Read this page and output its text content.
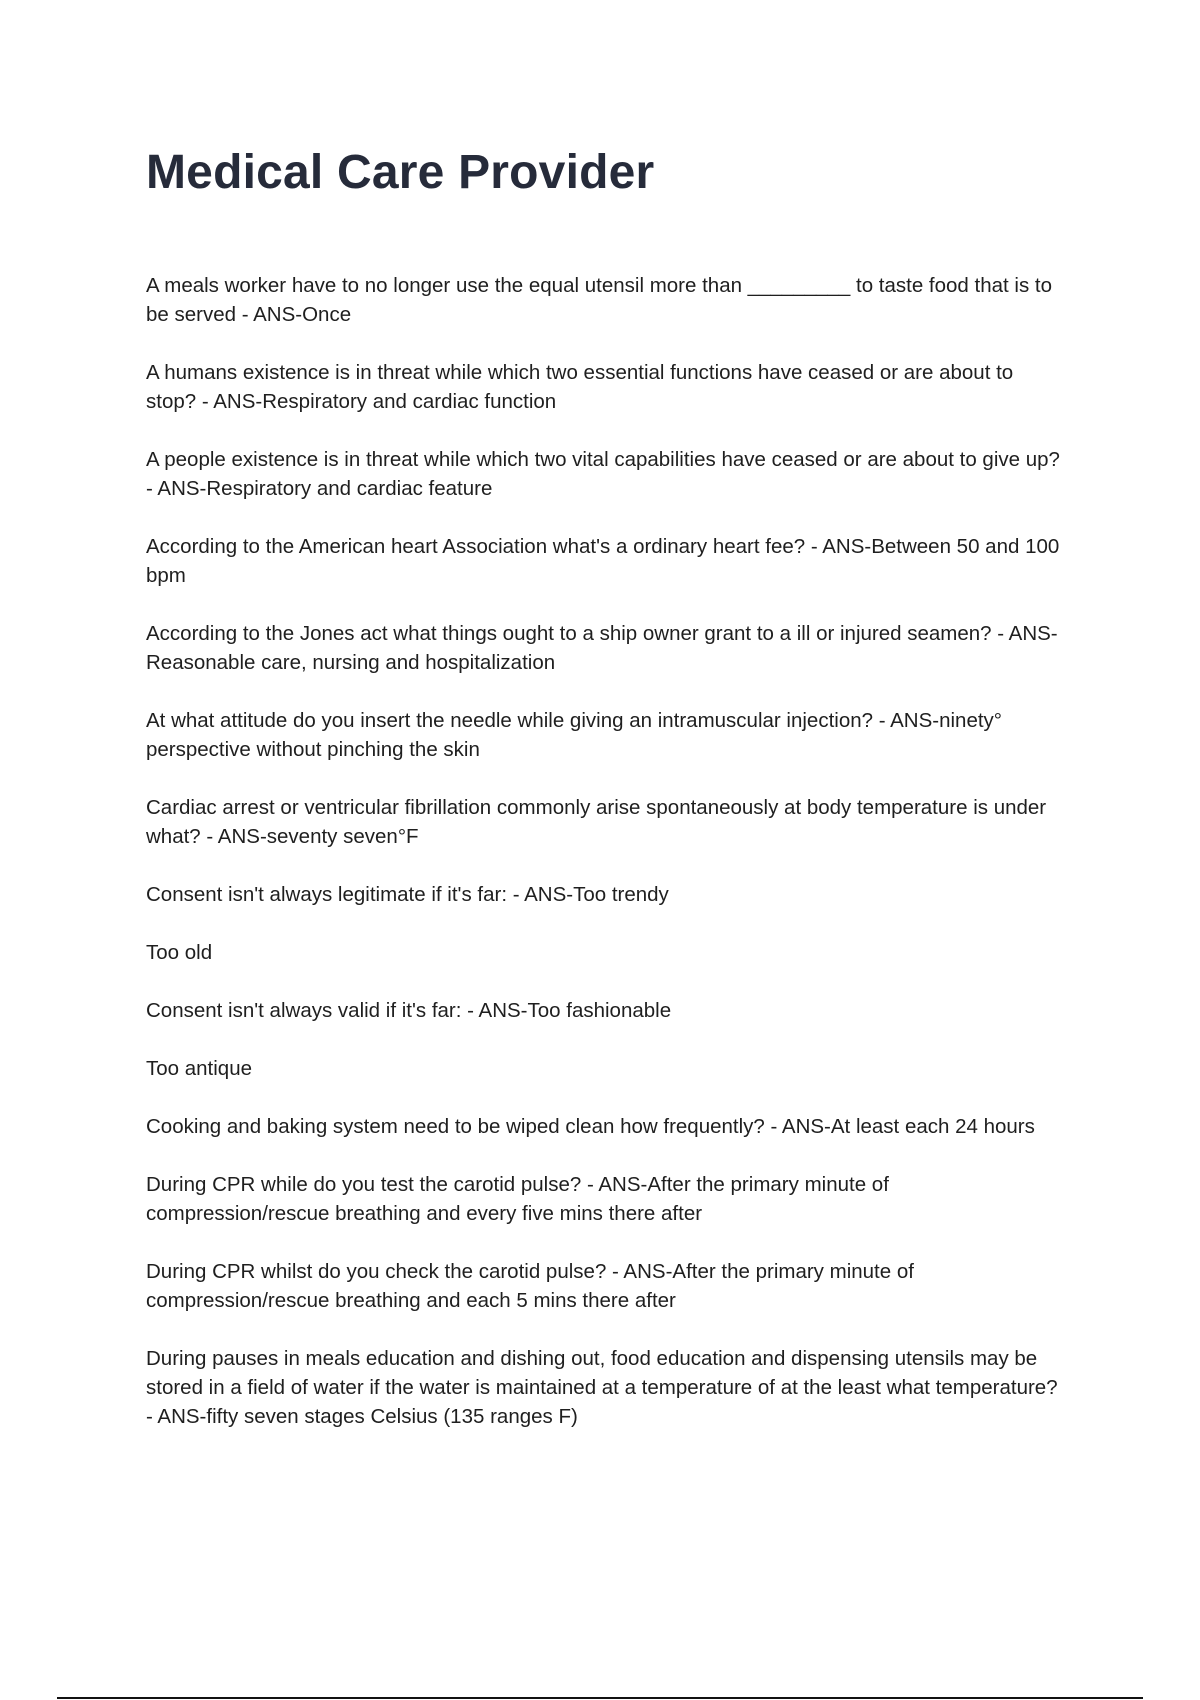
Medical Care Provider

A meals worker have to no longer use the equal utensil more than _________ to taste food that is to be served - ANS-Once

A humans existence is in threat while which two essential functions have ceased or are about to stop? - ANS-Respiratory and cardiac function

A people existence is in threat while which two vital capabilities have ceased or are about to give up? - ANS-Respiratory and cardiac feature

According to the American heart Association what's a ordinary heart fee? - ANS-Between 50 and 100 bpm

According to the Jones act what things ought to a ship owner grant to a ill or injured seamen? - ANS-Reasonable care, nursing and hospitalization

At what attitude do you insert the needle while giving an intramuscular injection? - ANS-ninety° perspective without pinching the skin

Cardiac arrest or ventricular fibrillation commonly arise spontaneously at body temperature is under what? - ANS-seventy seven°F

Consent isn't always legitimate if it's far: - ANS-Too trendy

Too old

Consent isn't always valid if it's far: - ANS-Too fashionable

Too antique

Cooking and baking system need to be wiped clean how frequently? - ANS-At least each 24 hours

During CPR while do you test the carotid pulse? - ANS-After the primary minute of compression/rescue breathing and every five mins there after

During CPR whilst do you check the carotid pulse? - ANS-After the primary minute of compression/rescue breathing and each 5 mins there after

During pauses in meals education and dishing out, food education and dispensing utensils may be stored in a field of water if the water is maintained at a temperature of at the least what temperature? - ANS-fifty seven stages Celsius (135 ranges F)
